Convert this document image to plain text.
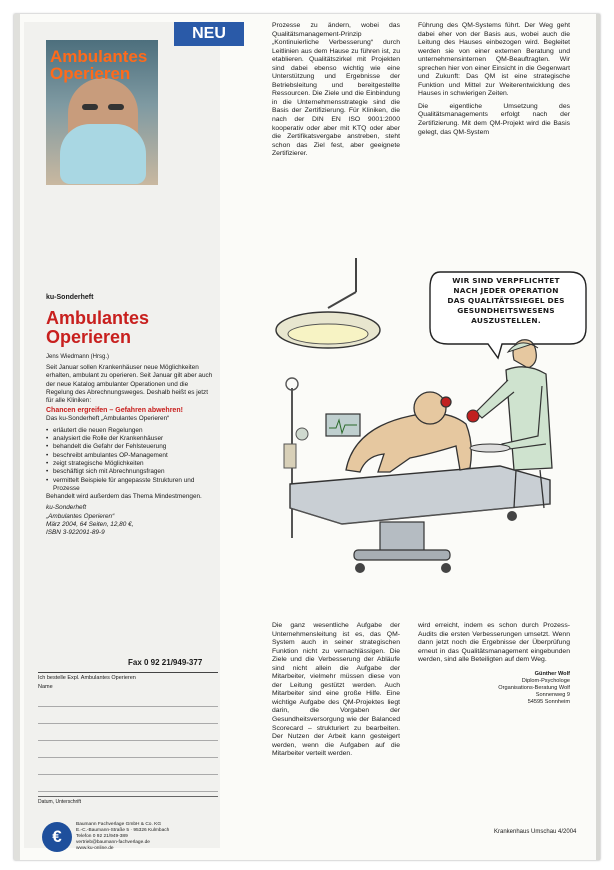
NEU
Ambulantes Operieren
ku-Sonderheft
Ambulantes Operieren
Jens Wiedmann (Hrsg.)
Seit Januar sollen Krankenhäuser neue Möglichkeiten erhalten, ambulant zu operieren. Seit Januar gilt aber auch der neue Katalog ambulanter Operationen und die Regelung des Abrechnungsweges. Deshalb heißt es jetzt für alle Kliniken:
Chancen ergreifen – Gefahren abwehren!
Das ku-Sonderheft „Ambulantes Operieren“
• erläutert die neuen Regelungen
• analysiert die Rolle der Krankenhäuser
• behandelt die Gefahr der Fehlsteuerung
• beschreibt ambulantes OP-Management
• zeigt strategische Möglichkeiten
• beschäftigt sich mit Abrechnungsfragen
• vermittelt Beispiele für angepasste Strukturen und Prozesse
Behandelt wird außerdem das Thema Mindestmengen.
ku-Sonderheft
„Ambulantes Operieren“
März 2004, 64 Seiten, 12,80 €,
ISBN 3-922091-89-9
Fax 0 92 21/949-377
Ich bestelle Expl. Ambulantes Operieren
Name
Datum, Unterschrift
€
Baumann Fachverlage GmbH & Co. KG
E.-C.-Baumann-Straße 5 · 95326 Kulmbach
Telefon 0 92 21/949-389
vertrieb@baumann-fachverlage.de
www.ku-online.de

Prozesse zu ändern, wobei das Qualitätsmanagement-Prinzip „Kontinuierliche Verbesserung“ durch Leitlinien aus dem Hause zu führen ist, zu etablieren. Qualitätszirkel mit Projekten sind dabei ebenso wichtig wie eine Unterstützung und Ergebnisse der Betriebsleitung und bereitgestellte Ressourcen. Die Ziele und die Einbindung in die Unternehmensstrategie sind die Basis der Zertifizierung. Für Kliniken, die nach der DIN EN ISO 9001:2000 kooperativ oder aber mit KTQ oder aber die Zertifikatsvergabe anstreben, steht schon das Ziel fest, aber geeignete Zertifizierer.

Führung des QM-Systems führt. Der Weg geht dabei eher von der Basis aus, wobei auch die Leitung des Hauses einbezogen wird. Begleitet werden sie von einer externen Beratung und unternehmensinternen QM-Beauftragten. Wir sprechen hier von einer Einsicht in die Gegenwart und Zukunft: Das QM ist eine strategische Funktion und Mittel zur Weiterentwicklung des Hauses in schwierigen Zeiten.

Die eigentliche Umsetzung des Qualitätsmanagements erfolgt nach der Zertifizierung. Mit dem QM-Projekt wird die Basis gelegt, das QM-System

WIR SIND VERPFLICHTET
NACH JEDER OPERATION
DAS QUALITÄTSSIEGEL DES
GESUNDHEITSWESENS
AUSZUSTELLEN.

Die ganz wesentliche Aufgabe der Unternehmensleitung ist es, das QM-System auch in seiner strategischen Funktion nicht zu vernachlässigen. Die Ziele und die Verbesserung der Abläufe sind nicht allein die Aufgabe der Mitarbeiter, vielmehr müssen diese von der Leitung gestützt werden. Auch Mitarbeiter sind eine große Hilfe. Eine wichtige Aufgabe des QM-Projektes liegt darin, die Vorgaben der Gesundheitsversorgung wie der Balanced Scorecard – strukturiert zu bearbeiten. Der Nutzen der Arbeit kann gesteigert werden, wenn die Aufgaben auf die Mitarbeiter verteilt werden.

wird erreicht, indem es schon durch Prozess-Audits die ersten Verbesserungen umsetzt. Wenn dann jetzt noch die Ergebnisse der Überprüfung erneut in das Qualitätsmanagement eingebunden werden, sind alle Beteiligten auf dem Weg.

Günther Wolf
Diplom-Psychologe
Organisations-Beratung Wolf
Sonnenweg 9
54595 Sonnheim
Krankenhaus Umschau 4/2004
